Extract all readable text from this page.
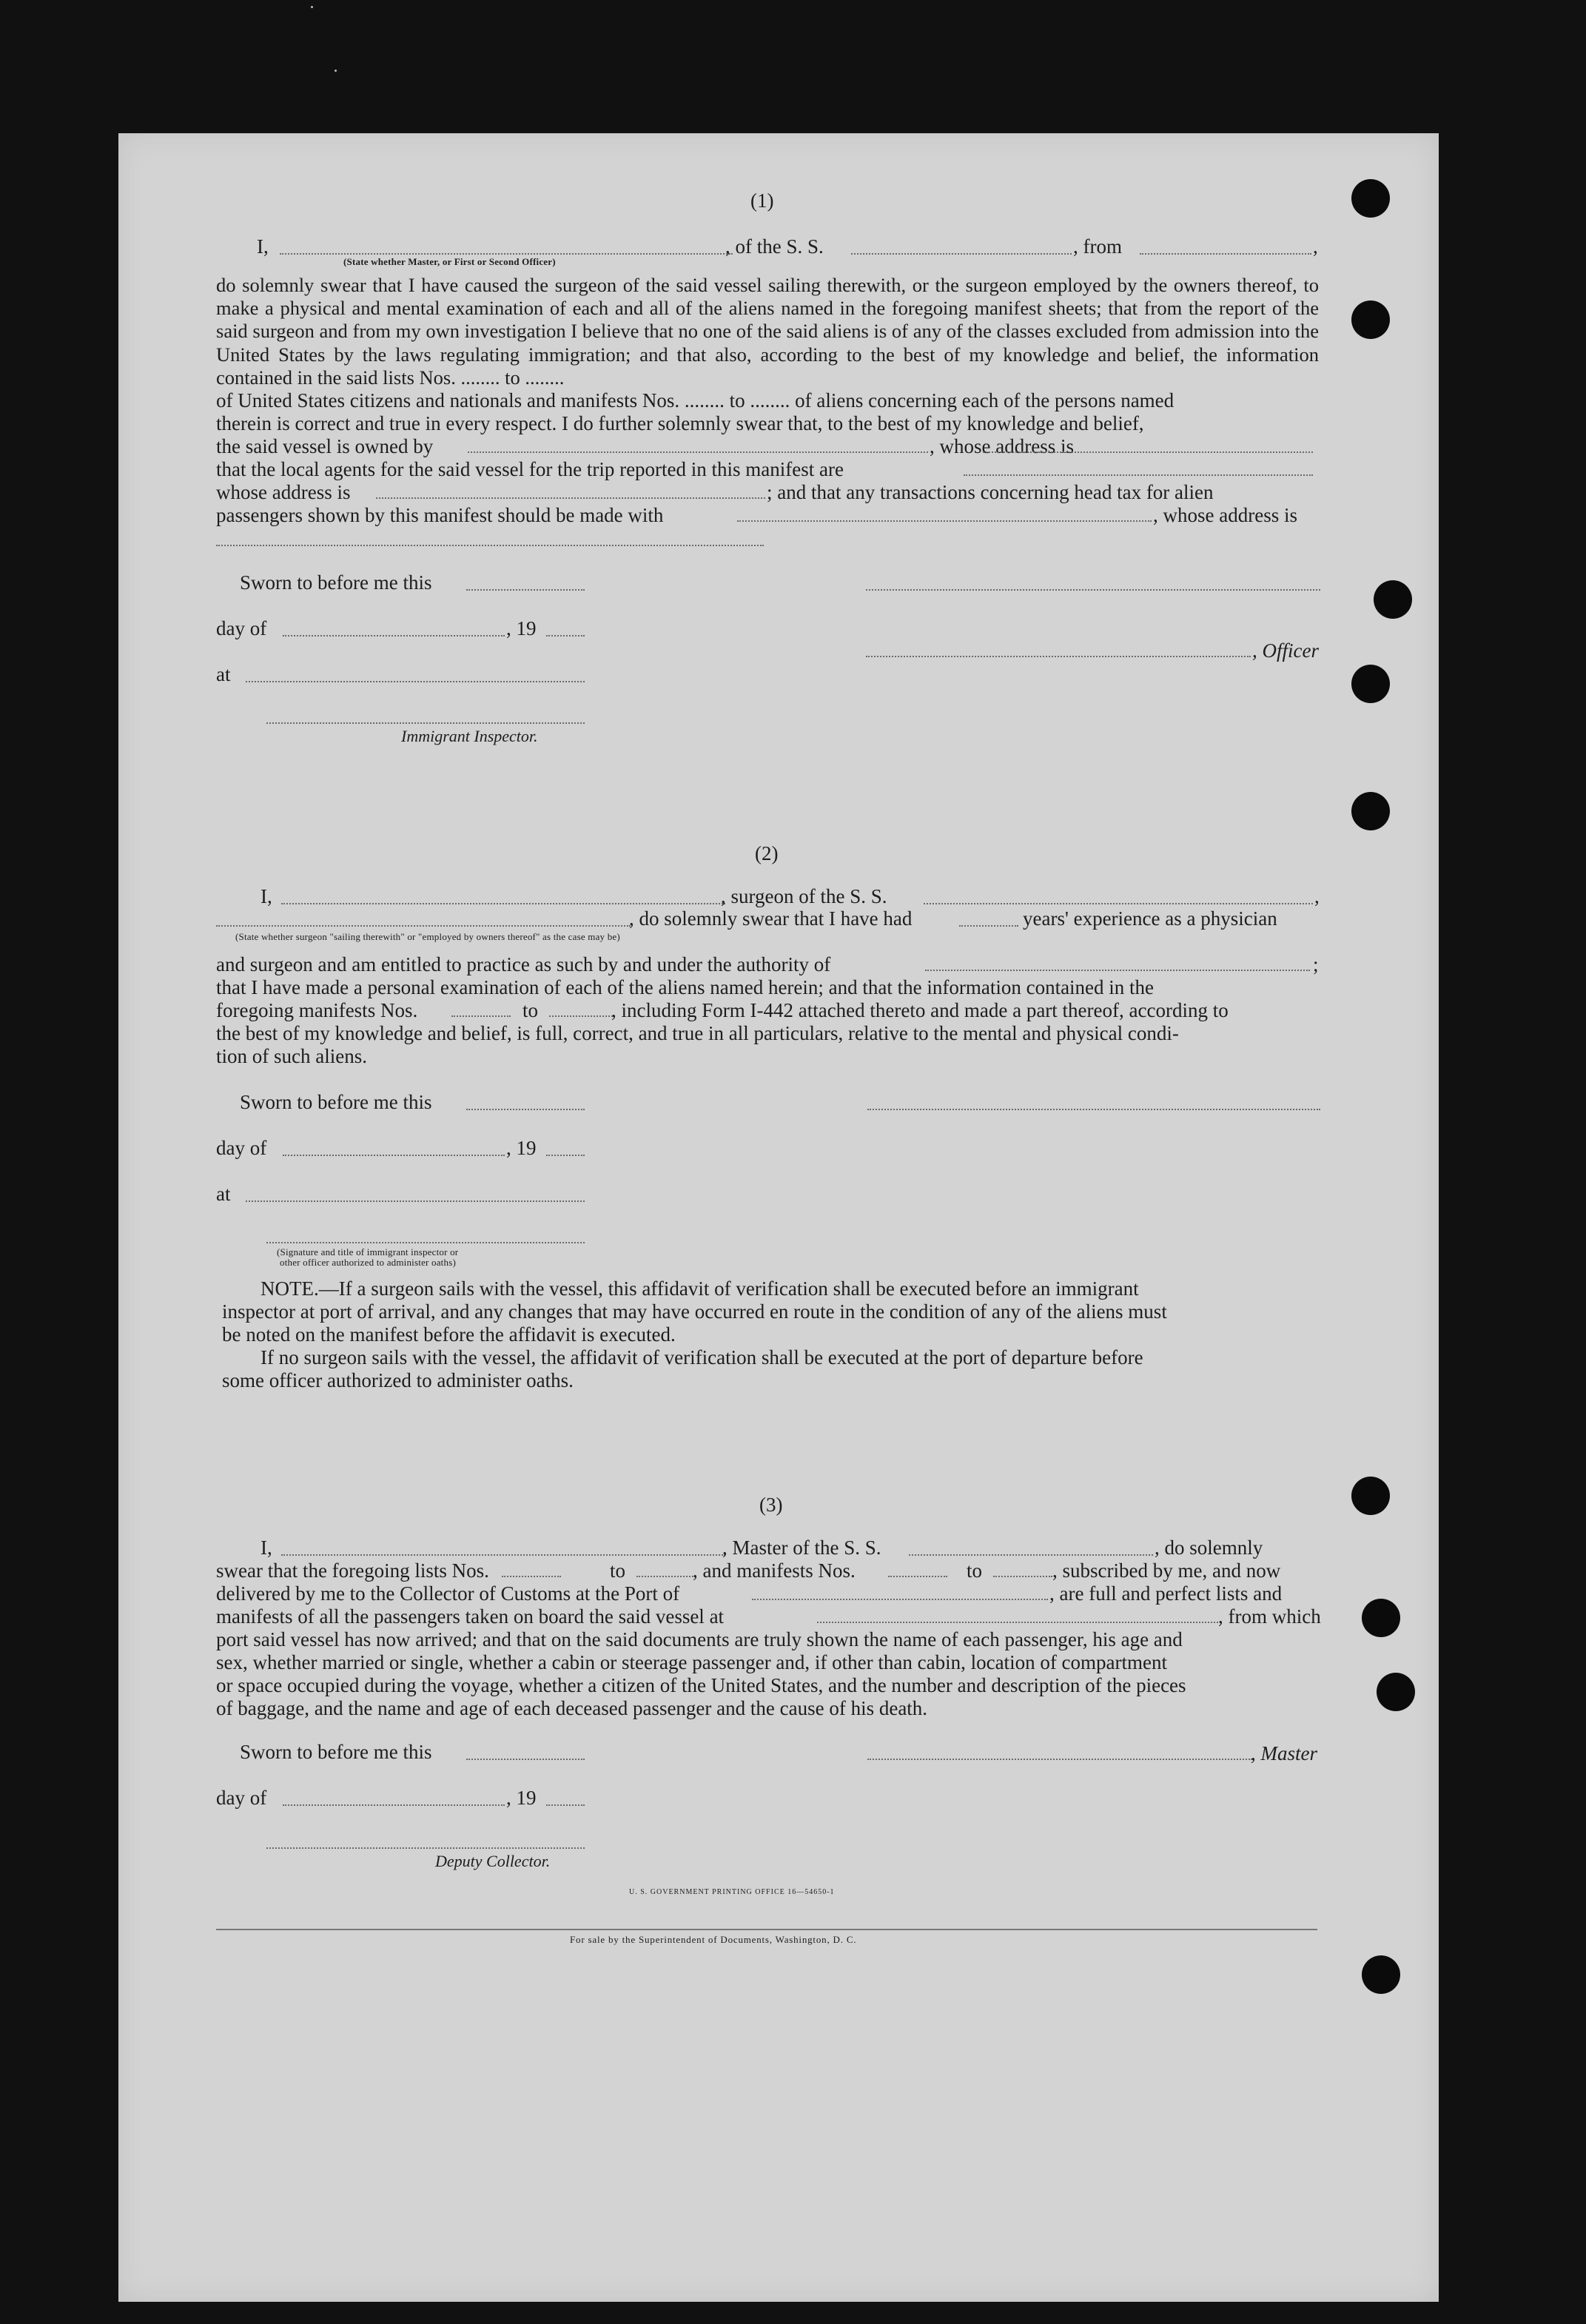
(1)
I,	, of the S. S.	, from	,
(State whether Master, or First or Second Officer)
do solemnly swear that I have caused the surgeon of the said vessel sailing therewith, or the surgeon employed by the owners thereof, to make a physical and mental examination of each and all of the aliens named in the foregoing manifest sheets; that from the report of the said surgeon and from my own investigation I believe that no one of the said aliens is of any of the classes excluded from admission into the United States by the laws regulating immigration; and that also, according to the best of my knowledge and belief, the information contained in the said lists Nos. ........ to ........
of United States citizens and nationals and manifests Nos. ........ to ........ of aliens concerning each of the persons named
therein is correct and true in every respect. I do further solemnly swear that, to the best of my knowledge and belief,
the said vessel is owned by	, whose address is
that the local agents for the said vessel for the trip reported in this manifest are
whose address is	; and that any transactions concerning head tax for alien
passengers shown by this manifest should be made with	, whose address is
Sworn to before me this
day of	, 19
, Officer
at
Immigrant Inspector.
(2)
I,	, surgeon of the S. S.	,
, do solemnly swear that I have had	years' experience as a physician
(State whether surgeon "sailing therewith" or "employed by owners thereof" as the case may be)
and surgeon and am entitled to practice as such by and under the authority of	;
that I have made a personal examination of each of the aliens named herein; and that the information contained in the
foregoing manifests Nos.	to	, including Form I-442 attached thereto and made a part thereof, according to
the best of my knowledge and belief, is full, correct, and true in all particulars, relative to the mental and physical condi-
tion of such aliens.
Sworn to before me this
day of	, 19
at
(Signature and title of immigrant inspector or
other officer authorized to administer oaths)
NOTE.—If a surgeon sails with the vessel, this affidavit of verification shall be executed before an immigrant
inspector at port of arrival, and any changes that may have occurred en route in the condition of any of the aliens must
be noted on the manifest before the affidavit is executed.
If no surgeon sails with the vessel, the affidavit of verification shall be executed at the port of departure before
some officer authorized to administer oaths.
(3)
I,	, Master of the S. S.	, do solemnly
swear that the foregoing lists Nos.	to	, and manifests Nos.	to	, subscribed by me, and now
delivered by me to the Collector of Customs at the Port of	, are full and perfect lists and
manifests of all the passengers taken on board the said vessel at	, from which
port said vessel has now arrived; and that on the said documents are truly shown the name of each passenger, his age and
sex, whether married or single, whether a cabin or steerage passenger and, if other than cabin, location of compartment
or space occupied during the voyage, whether a citizen of the United States, and the number and description of the pieces
of baggage, and the name and age of each deceased passenger and the cause of his death.
Sworn to before me this	, Master
day of	, 19
Deputy Collector.
U. S. GOVERNMENT PRINTING OFFICE 16—54650-1
For sale by the Superintendent of Documents, Washington, D. C.
